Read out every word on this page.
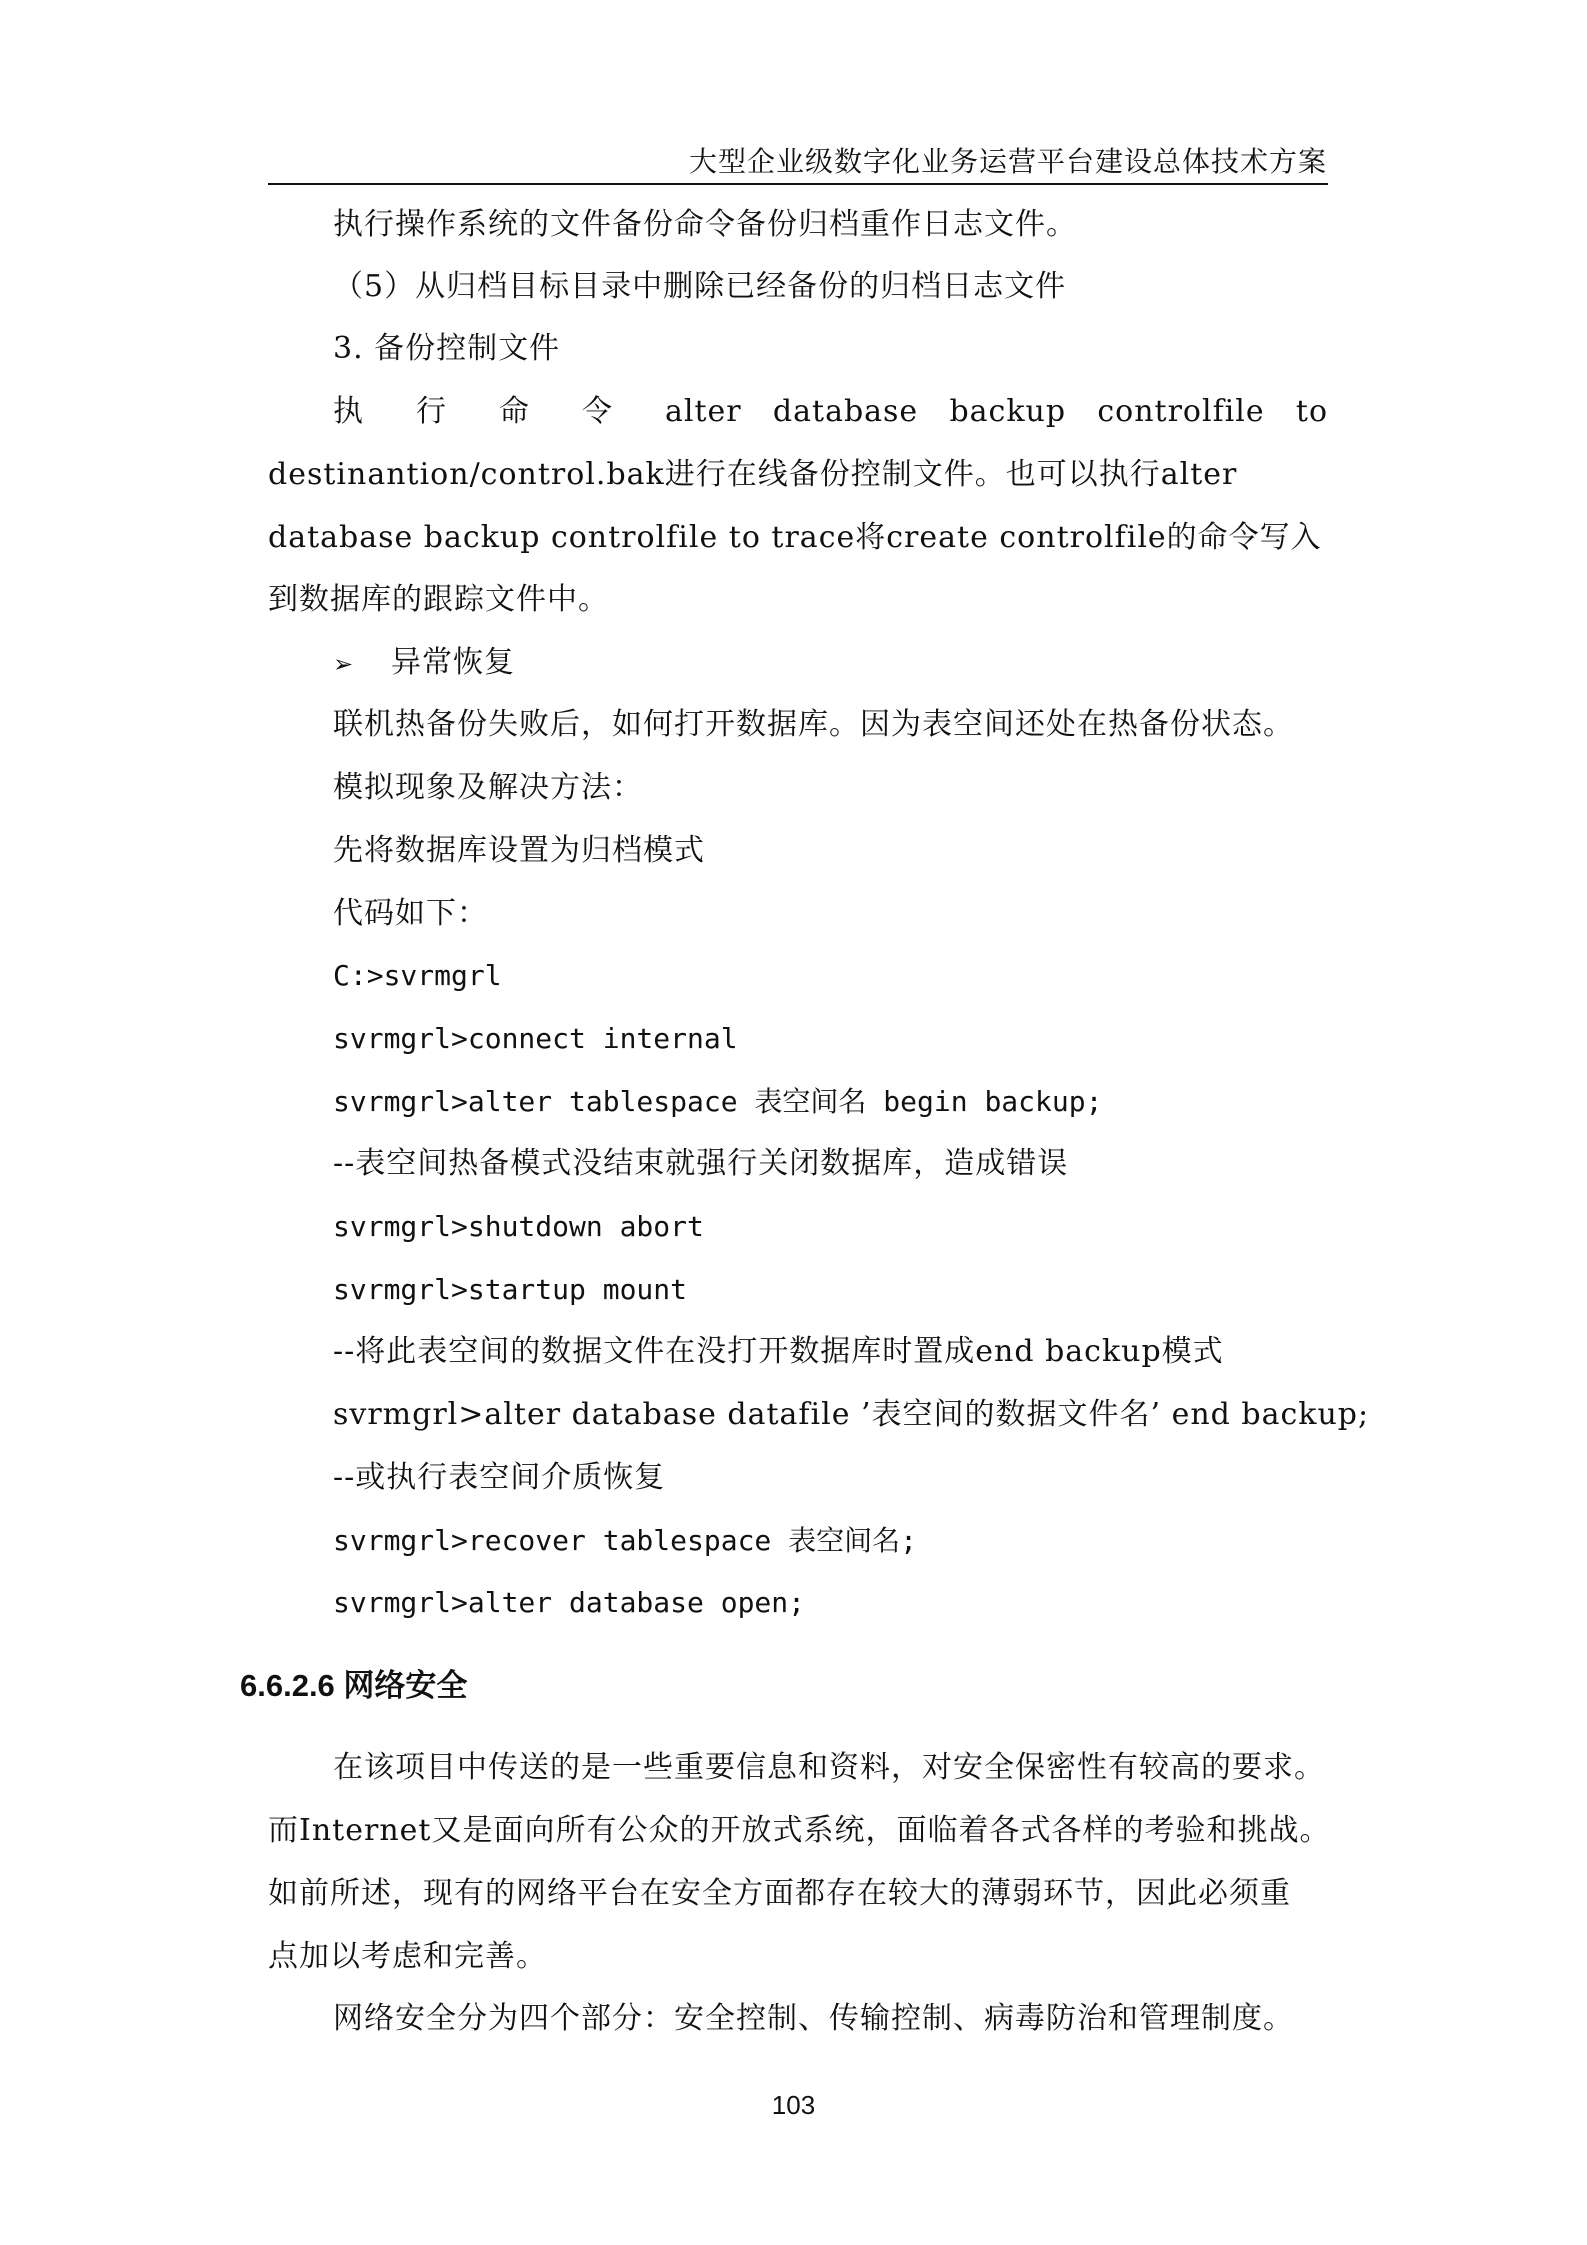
大型企业级数字化业务运营平台建设总体技术方案
执行操作系统的文件备份命令备份归档重作日志文件。
（5）从归档目标目录中删除已经备份的归档日志文件
3. 备份控制文件
执 行 命 令 alter database backup controlfile to
destinantion/control.bak进行在线备份控制文件。也可以执行alter
database backup controlfile to trace将create controlfile的命令写入
到数据库的跟踪文件中。
➢ 异常恢复
联机热备份失败后，如何打开数据库。因为表空间还处在热备份状态。
模拟现象及解决方法：
先将数据库设置为归档模式
代码如下：
C:>svrmgrl
svrmgrl>connect internal
svrmgrl>alter tablespace 表空间名 begin backup;
--表空间热备模式没结束就强行关闭数据库，造成错误
svrmgrl>shutdown abort
svrmgrl>startup mount
--将此表空间的数据文件在没打开数据库时置成end backup模式
svrmgrl>alter database datafile ’表空间的数据文件名’ end backup;
--或执行表空间介质恢复
svrmgrl>recover tablespace 表空间名;
svrmgrl>alter database open;
6.6.2.6 网络安全
在该项目中传送的是一些重要信息和资料，对安全保密性有较高的要求。
而Internet又是面向所有公众的开放式系统，面临着各式各样的考验和挑战。
如前所述，现有的网络平台在安全方面都存在较大的薄弱环节，因此必须重
点加以考虑和完善。
网络安全分为四个部分：安全控制、传输控制、病毒防治和管理制度。
103
